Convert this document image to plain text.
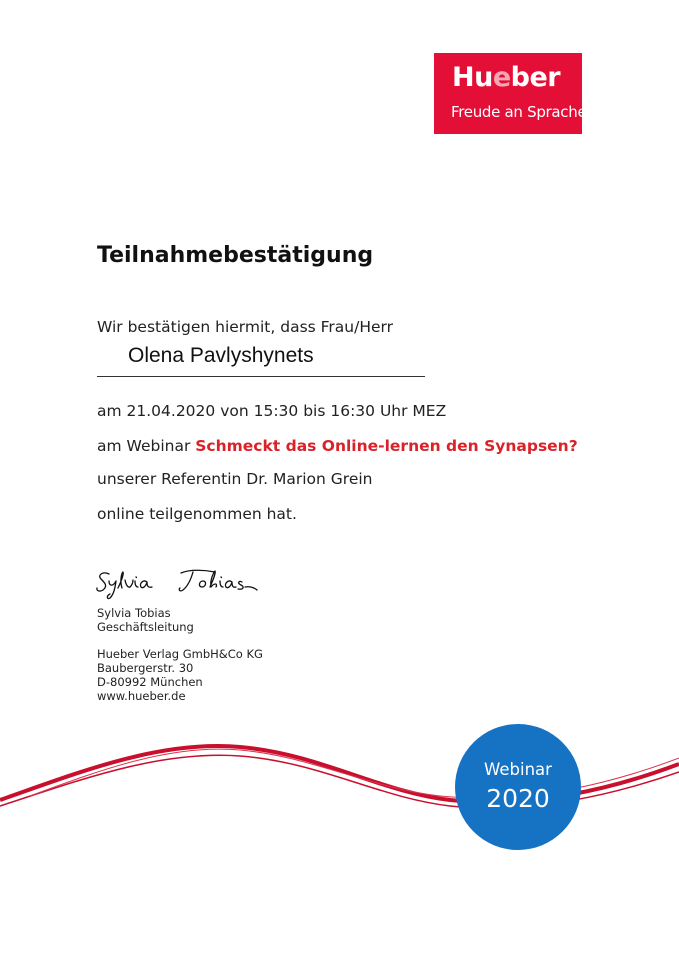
Hueber
Freude an Sprachen
Teilnahmebestätigung
Wir bestätigen hiermit, dass Frau/Herr
Olena Pavlyshynets
am 21.04.2020 von 15:30 bis 16:30 Uhr MEZ
am Webinar Schmeckt das Online-lernen den Synapsen?
unserer Referentin Dr. Marion Grein
online teilgenommen hat.
Sylvia Tobias
Geschäftsleitung
Hueber Verlag GmbH&Co KG
Baubergerstr. 30
D-80992 München
www.hueber.de
Webinar
2020
